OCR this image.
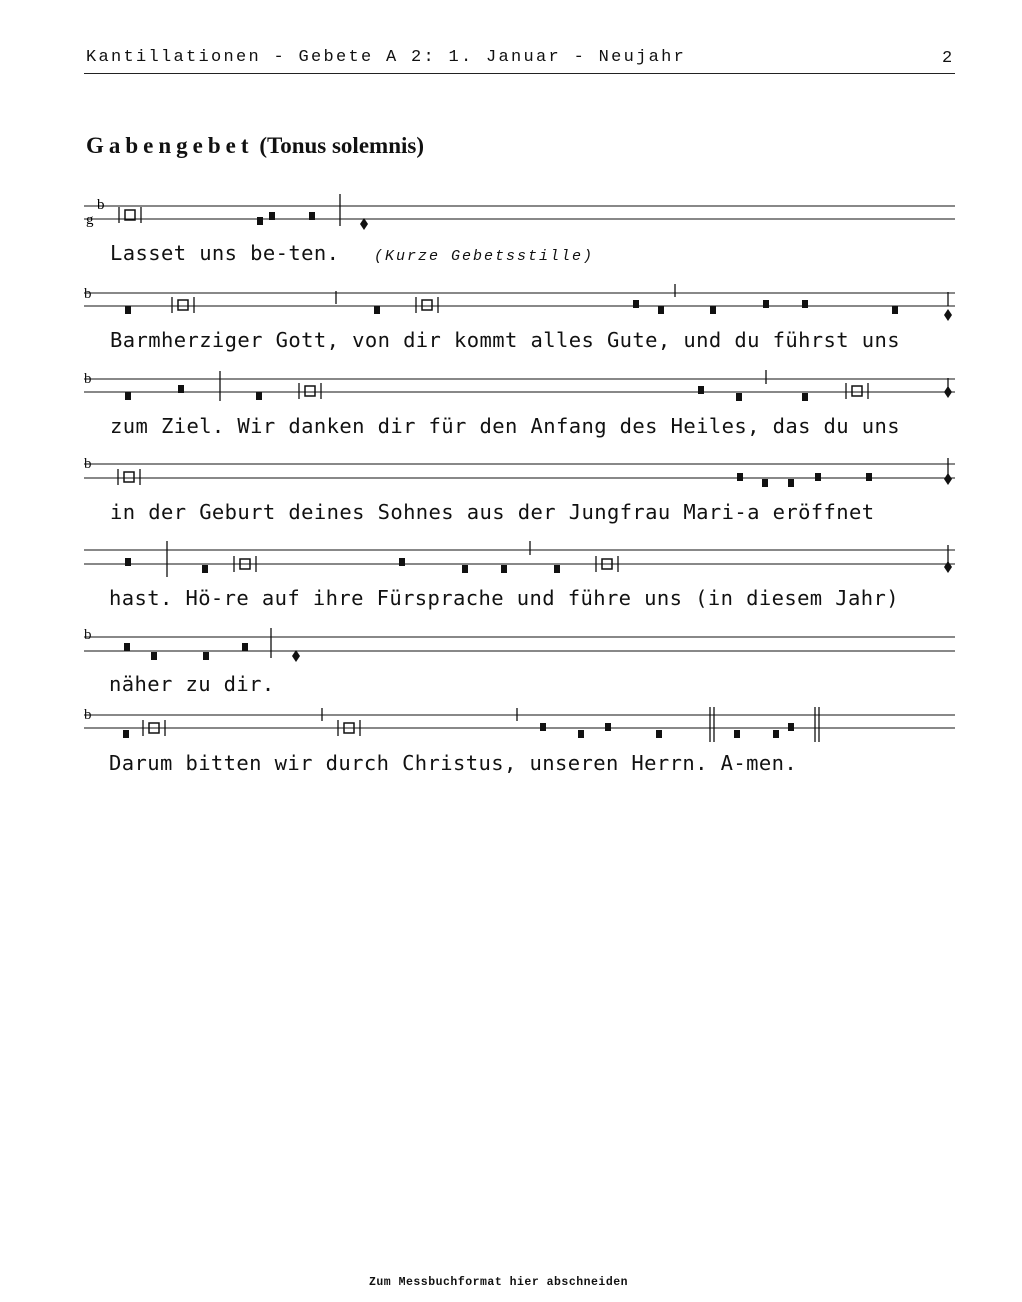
Kantillationen - Gebete A 2: 1. Januar - Neujahr	2
Gabengebet (Tonus solemnis)
b
b
b
b
b
b
g
Lasset uns be-ten. (Kurze Gebetsstille)
Barmherziger Gott, von dir kommt alles Gute, und du führst uns
zum Ziel. Wir danken dir für den Anfang des Heiles, das du uns
in der Geburt deines Sohnes aus der Jungfrau Mari-a eröffnet
hast. Hö-re auf ihre Fürsprache und führe uns (in diesem Jahr)
näher zu dir.
Darum bitten wir durch Christus, unseren Herrn. A-men.
Zum Messbuchformat hier abschneiden
